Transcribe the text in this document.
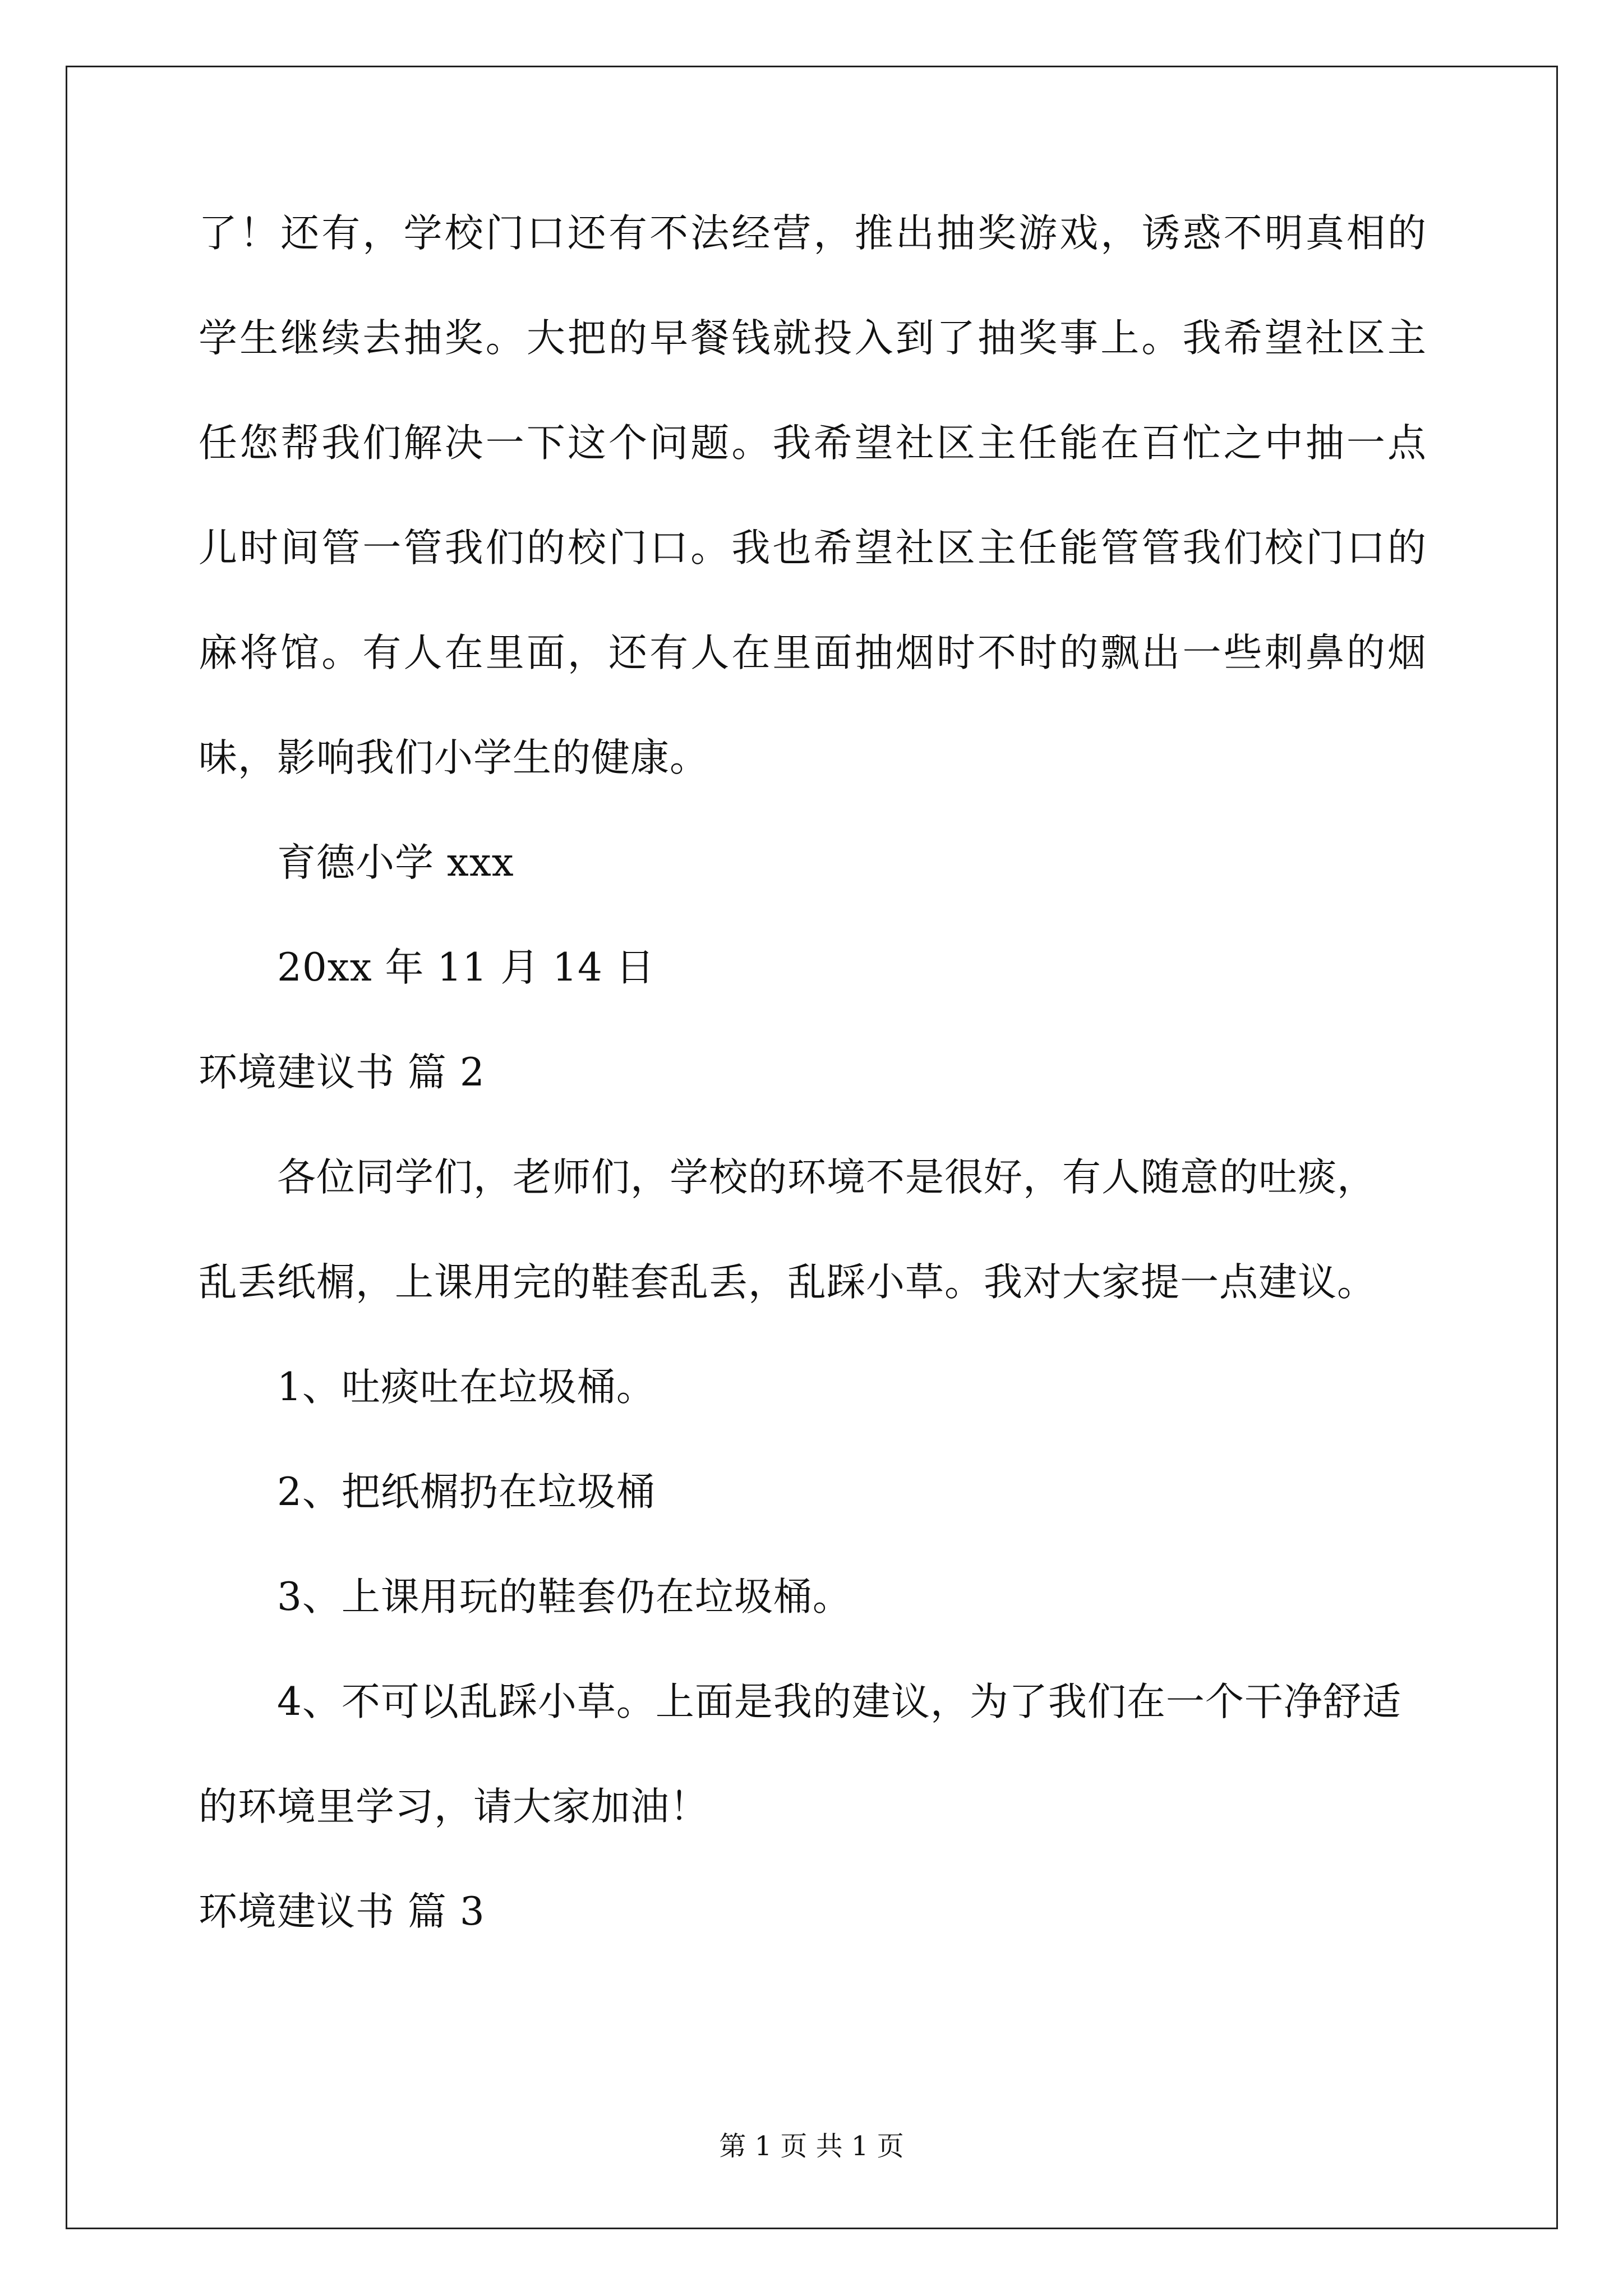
了！还有，学校门口还有不法经营，推出抽奖游戏，诱惑不明真相的
学生继续去抽奖。大把的早餐钱就投入到了抽奖事上。我希望社区主
任您帮我们解决一下这个问题。我希望社区主任能在百忙之中抽一点
儿时间管一管我们的校门口。我也希望社区主任能管管我们校门口的
麻将馆。有人在里面，还有人在里面抽烟时不时的飘出一些刺鼻的烟
味，影响我们小学生的健康。
育德小学 xxx
20xx 年 11 月 14 日
环境建议书 篇 2
各位同学们，老师们，学校的环境不是很好，有人随意的吐痰，
乱丢纸榍，上课用完的鞋套乱丢，乱踩小草。我对大家提一点建议。
1、吐痰吐在垃圾桶。
2、把纸榍扔在垃圾桶
3、上课用玩的鞋套仍在垃圾桶。
4、不可以乱踩小草。上面是我的建议，为了我们在一个干净舒适
的环境里学习，请大家加油！
环境建议书 篇 3
第 1 页 共 1 页
